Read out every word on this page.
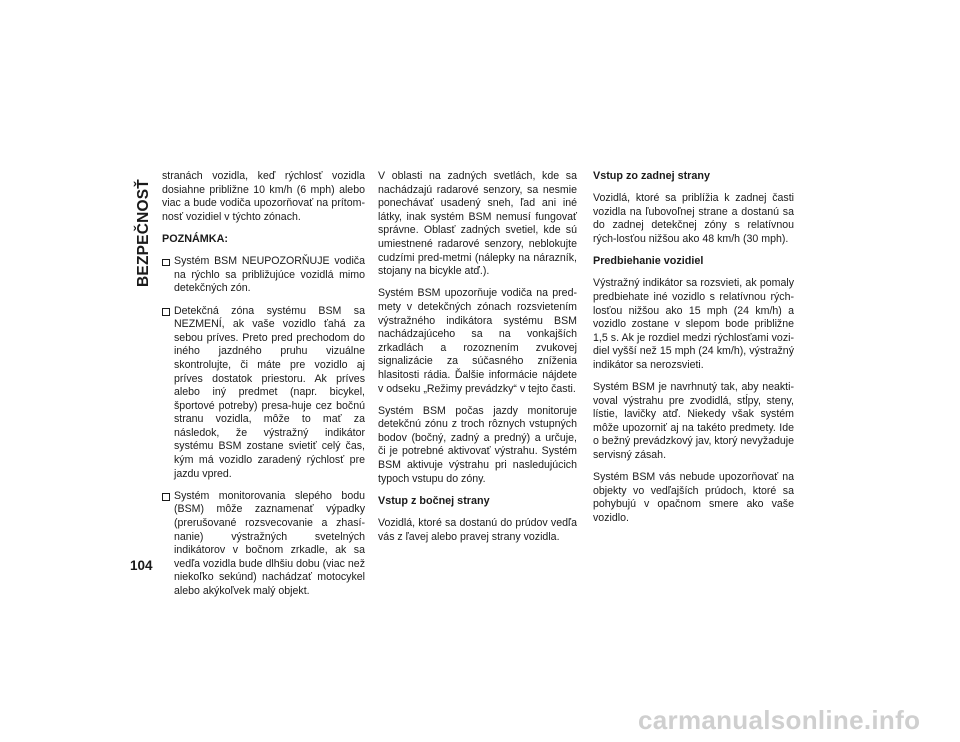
BEZPEČNOSŤ
104

stranách vozidla, keď rýchlosť vozidla dosiahne približne 10 km/h (6 mph) alebo viac a bude vodiča upozorňovať na prítom-nosť vozidiel v týchto zónach.

POZNÁMKA:
Systém BSM NEUPOZORŇUJE vodiča na rýchlo sa približujúce vozidlá mimo detekčných zón.
Detekčná zóna systému BSM sa NEZMENÍ, ak vaše vozidlo ťahá za sebou príves. Preto pred prechodom do iného jazdného pruhu vizuálne skontrolujte, či máte pre vozidlo aj príves dostatok priestoru. Ak príves alebo iný predmet (napr. bicykel, športové potreby) presa-huje cez bočnú stranu vozidla, môže to mať za následok, že výstražný indikátor systému BSM zostane svietiť celý čas, kým má vozidlo zaradený rýchlosť pre jazdu vpred.
Systém monitorovania slepého bodu (BSM) môže zaznamenať výpadky (prerušované rozsvecovanie a zhasí-nanie) výstražných svetelných indikátorov v bočnom zrkadle, ak sa vedľa vozidla bude dlhšiu dobu (viac než niekoľko sekúnd) nachádzať motocykel alebo akýkoľvek malý objekt.

V oblasti na zadných svetlách, kde sa nachádzajú radarové senzory, sa nesmie ponechávať usadený sneh, ľad ani iné látky, inak systém BSM nemusí fungovať správne. Oblasť zadných svetiel, kde sú umiestnené radarové senzory, neblokujte cudzími pred-metmi (nálepky na nárazník, stojany na bicykle atď.).

Systém BSM upozorňuje vodiča na pred-mety v detekčných zónach rozsvietením výstražného indikátora systému BSM nachádzajúceho sa na vonkajších zrkadlách a rozoznením zvukovej signalizácie za súčasného zníženia hlasitosti rádia. Ďalšie informácie nájdete v odseku „Režimy prevádzky“ v tejto časti.

Systém BSM počas jazdy monitoruje detekčnú zónu z troch rôznych vstupných bodov (bočný, zadný a predný) a určuje, či je potrebné aktivovať výstrahu. Systém BSM aktivuje výstrahu pri nasledujúcich typoch vstupu do zóny.

Vstup z bočnej strany

Vozidlá, ktoré sa dostanú do prúdov vedľa vás z ľavej alebo pravej strany vozidla.

Vstup zo zadnej strany

Vozidlá, ktoré sa priblížia k zadnej časti vozidla na ľubovoľnej strane a dostanú sa do zadnej detekčnej zóny s relatívnou rých-losťou nižšou ako 48 km/h (30 mph).

Predbiehanie vozidiel

Výstražný indikátor sa rozsvieti, ak pomaly predbiehate iné vozidlo s relatívnou rých-losťou nižšou ako 15 mph (24 km/h) a vozidlo zostane v slepom bode približne 1,5 s. Ak je rozdiel medzi rýchlosťami vozi-diel vyšší než 15 mph (24 km/h), výstražný indikátor sa nerozsvieti.

Systém BSM je navrhnutý tak, aby neakti-voval výstrahu pre zvodidlá, stĺpy, steny, lístie, lavičky atď. Niekedy však systém môže upozorniť aj na takéto predmety. Ide o bežný prevádzkový jav, ktorý nevyžaduje servisný zásah.

Systém BSM vás nebude upozorňovať na objekty vo vedľajších prúdoch, ktoré sa pohybujú v opačnom smere ako vaše vozidlo.

carmanualsonline.info
